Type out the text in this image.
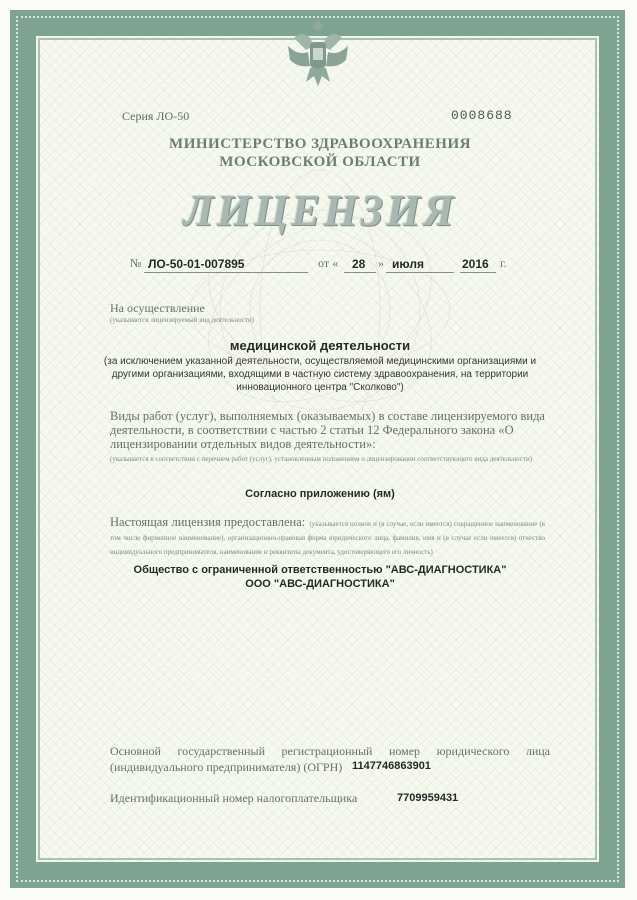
Серия ЛО-50	0008688
МИНИСТЕРСТВО ЗДРАВООХРАНЕНИЯ
МОСКОВСКОЙ ОБЛАСТИ
ЛИЦЕНЗИЯ
№ ЛО-50-01-007895	от « 28 » июля	2016 г.
На осуществление
(указывается лицензируемый вид деятельности)
медицинской деятельности
(за исключением указанной деятельности, осуществляемой медицинскими организациями и другими организациями, входящими в частную систему здравоохранения, на территории инновационного центра "Сколково")
Виды работ (услуг), выполняемых (оказываемых) в составе лицензируемого вида деятельности, в соответствии с частью 2 статьи 12 Федерального закона «О лицензировании отдельных видов деятельности»:
(указывается в соответствии с перечнем работ (услуг), установленным положением о лицензировании соответствующего вида деятельности)
Согласно приложению (ям)
Настоящая лицензия предоставлена: (указывается полное и (в случае, если имеется) сокращенное наименование (в том числе фирменное наименование), организационно-правовая форма юридического лица, фамилия, имя и (в случае если имеется) отчество индивидуального предпринимателя, наименование и реквизиты документа, удостоверяющего его личность)
Общество с ограниченной ответственностью "АВС-ДИАГНОСТИКА"
ООО "АВС-ДИАГНОСТИКА"
Основной государственный регистрационный номер юридического лица (индивидуального предпринимателя) (ОГРН) 1147746863901
Идентификационный номер налогоплательщика	7709959431
